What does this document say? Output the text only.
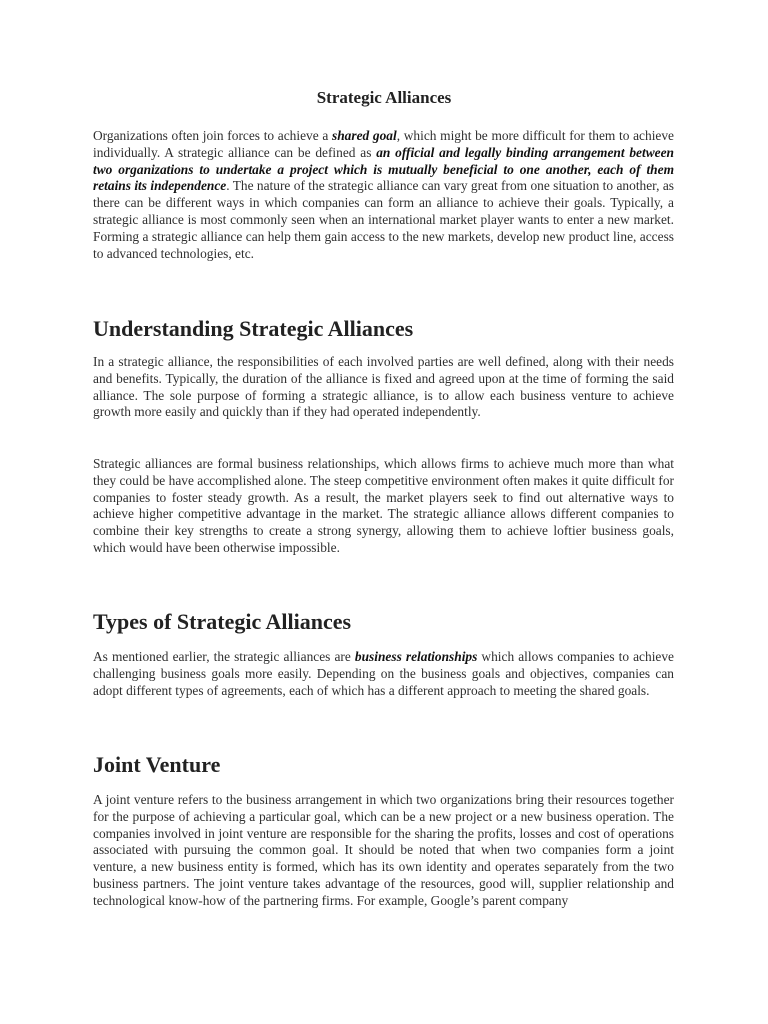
Strategic Alliances

Organizations often join forces to achieve a shared goal, which might be more difficult for them to achieve individually. A strategic alliance can be defined as an official and legally binding arrangement between two organizations to undertake a project which is mutually beneficial to one another, each of them retains its independence. The nature of the strategic alliance can vary great from one situation to another, as there can be different ways in which companies can form an alliance to achieve their goals. Typically, a strategic alliance is most commonly seen when an international market player wants to enter a new market. Forming a strategic alliance can help them gain access to the new markets, develop new product line, access to advanced technologies, etc.

Understanding Strategic Alliances

In a strategic alliance, the responsibilities of each involved parties are well defined, along with their needs and benefits. Typically, the duration of the alliance is fixed and agreed upon at the time of forming the said alliance. The sole purpose of forming a strategic alliance, is to allow each business venture to achieve growth more easily and quickly than if they had operated independently.

Strategic alliances are formal business relationships, which allows firms to achieve much more than what they could be have accomplished alone. The steep competitive environment often makes it quite difficult for companies to foster steady growth. As a result, the market players seek to find out alternative ways to achieve higher competitive advantage in the market. The strategic alliance allows different companies to combine their key strengths to create a strong synergy, allowing them to achieve loftier business goals, which would have been otherwise impossible.

Types of Strategic Alliances

As mentioned earlier, the strategic alliances are business relationships which allows companies to achieve challenging business goals more easily. Depending on the business goals and objectives, companies can adopt different types of agreements, each of which has a different approach to meeting the shared goals.

Joint Venture

A joint venture refers to the business arrangement in which two organizations bring their resources together for the purpose of achieving a particular goal, which can be a new project or a new business operation. The companies involved in joint venture are responsible for the sharing the profits, losses and cost of operations associated with pursuing the common goal. It should be noted that when two companies form a joint venture, a new business entity is formed, which has its own identity and operates separately from the two business partners. The joint venture takes advantage of the resources, good will, supplier relationship and technological know-how of the partnering firms. For example, Google’s parent company
